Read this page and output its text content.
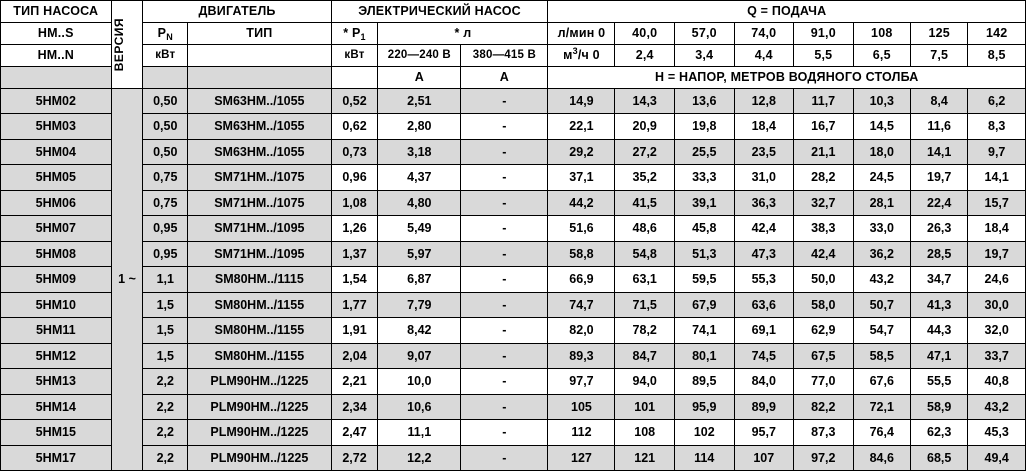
ТИП НАСОСА	ВЕРСИЯ	ДВИГАТЕЛЬ		ЭЛЕКТРИЧЕСКИЙ НАСОС			Q = ПОДАЧА							
HM..S		$P_N$	ТИП	* $P_1$	* л		л/мин 0	40,0	57,0	74,0	91,0	108	125	142
HM..N		кВт		кВт	220—240 В	380—415 В	$м^3/ч$ 0	2,4	3,4	4,4	5,5	6,5	7,5	8,5
					A	A	H = НАПОР, МЕТРОВ ВОДЯНОГО СТОЛБА							
5HM02	1 ~	0,50	SM63HM../1055	0,52	2,51	-	14,9	14,3	13,6	12,8	11,7	10,3	8,4	6,2
5HM03		0,50	SM63HM../1055	0,62	2,80	-	22,1	20,9	19,8	18,4	16,7	14,5	11,6	8,3
5HM04		0,50	SM63HM../1055	0,73	3,18	-	29,2	27,2	25,5	23,5	21,1	18,0	14,1	9,7
5HM05		0,75	SM71HM../1075	0,96	4,37	-	37,1	35,2	33,3	31,0	28,2	24,5	19,7	14,1
5HM06		0,75	SM71HM../1075	1,08	4,80	-	44,2	41,5	39,1	36,3	32,7	28,1	22,4	15,7
5HM07		0,95	SM71HM../1095	1,26	5,49	-	51,6	48,6	45,8	42,4	38,3	33,0	26,3	18,4
5HM08		0,95	SM71HM../1095	1,37	5,97	-	58,8	54,8	51,3	47,3	42,4	36,2	28,5	19,7
5HM09		1,1	SM80HM../1115	1,54	6,87	-	66,9	63,1	59,5	55,3	50,0	43,2	34,7	24,6
5HM10		1,5	SM80HM../1155	1,77	7,79	-	74,7	71,5	67,9	63,6	58,0	50,7	41,3	30,0
5HM11		1,5	SM80HM../1155	1,91	8,42	-	82,0	78,2	74,1	69,1	62,9	54,7	44,3	32,0
5HM12		1,5	SM80HM../1155	2,04	9,07	-	89,3	84,7	80,1	74,5	67,5	58,5	47,1	33,7
5HM13		2,2	PLM90HM../1225	2,21	10,0	-	97,7	94,0	89,5	84,0	77,0	67,6	55,5	40,8
5HM14		2,2	PLM90HM../1225	2,34	10,6	-	105	101	95,9	89,9	82,2	72,1	58,9	43,2
5HM15		2,2	PLM90HM../1225	2,47	11,1	-	112	108	102	95,7	87,3	76,4	62,3	45,3
5HM17		2,2	PLM90HM../1225	2,72	12,2	-	127	121	114	107	97,2	84,6	68,5	49,4
